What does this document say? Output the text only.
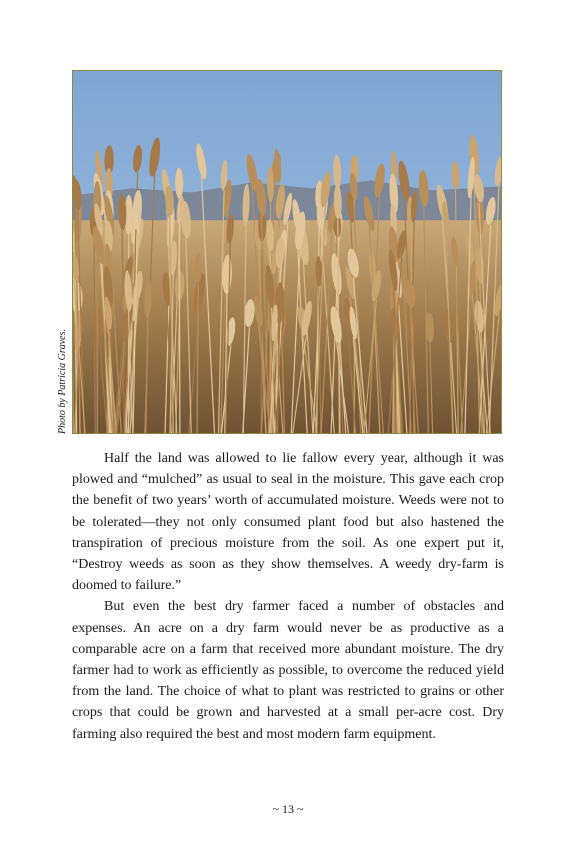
Photo by Patricia Graves.

Half the land was allowed to lie fallow every year, although it was plowed and “mulched” as usual to seal in the moisture. This gave each crop the benefit of two years’ worth of accumulated moisture. Weeds were not to be tolerated—they not only consumed plant food but also hastened the transpiration of precious moisture from the soil. As one expert put it, “Destroy weeds as soon as they show themselves. A weedy dry-farm is doomed to failure.”

But even the best dry farmer faced a number of obstacles and expenses. An acre on a dry farm would never be as productive as a comparable acre on a farm that received more abundant moisture. The dry farmer had to work as efficiently as possible, to overcome the reduced yield from the land. The choice of what to plant was restricted to grains or other crops that could be grown and harvested at a small per-acre cost. Dry farming also required the best and most modern farm equipment.

~ 13 ~
